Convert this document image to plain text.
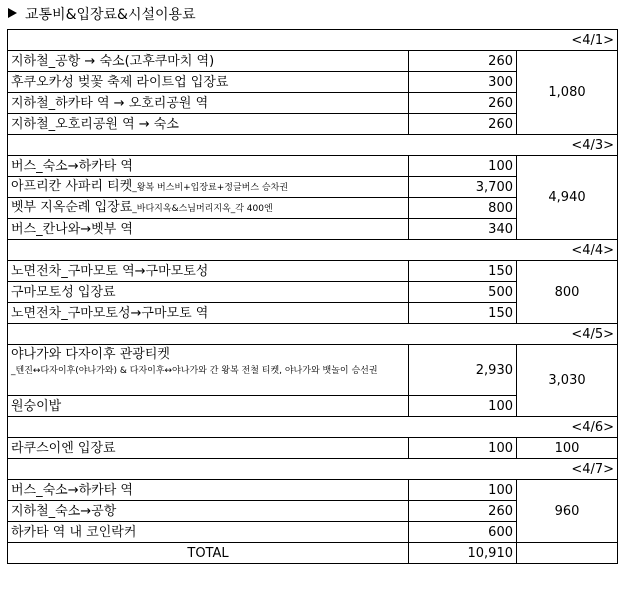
교통비&입장료&시설이용료
<4/1>		
지하철_공항 → 숙소(고후쿠마치 역)	260	1,080
후쿠오카성 벚꽃 축제 라이트업 입장료	300	
지하철_하카타 역 → 오호리공원 역	260	
지하철_오호리공원 역 → 숙소	260	
<4/3>		
버스_숙소→하카타 역	100	4,940
아프리칸 사파리 티켓_왕복 버스비+입장료+정글버스 승차권	3,700	
벳부 지옥순례 입장료_바다지옥&스님머리지옥_각 400엔	800	
버스_칸나와→벳부 역	340	
<4/4>		
노면전차_구마모토 역→구마모토성	150	800
구마모토성 입장료	500	
노면전차_구마모토성→구마모토 역	150	
<4/5>		

야나가와 다자이후 관광티켓
_텐진↔다자이후(야나가와) & 다자이후↔야나가와 간 왕복 전철 티켓, 야나가와 뱃놀이 승선권	2,930	3,030
원숭이밥	100	
<4/6>		
라쿠스이엔 입장료	100	100
<4/7>		
버스_숙소→하카타 역	100	960
지하철_숙소→공항	260	
하카타 역 내 코인락커	600	
TOTAL	10,910	
